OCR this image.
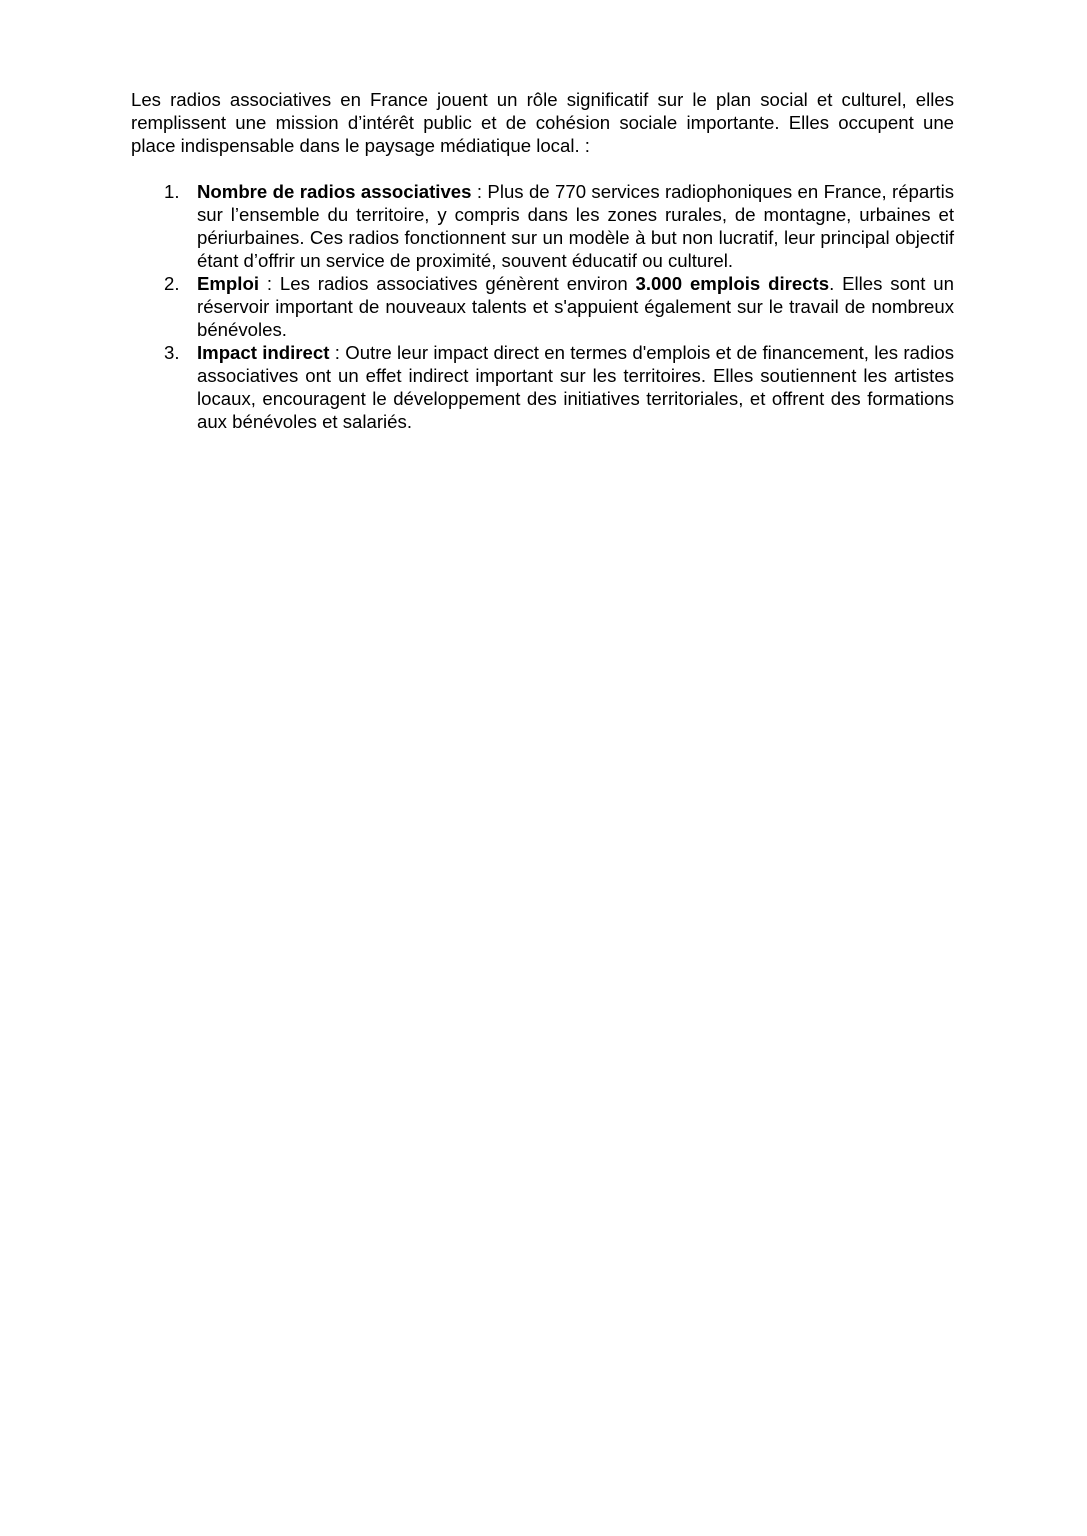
Les radios associatives en France jouent un rôle significatif sur le plan social et culturel, elles remplissent une mission d’intérêt public et de cohésion sociale importante. Elles occupent une place indispensable dans le paysage médiatique local. :

1. Nombre de radios associatives : Plus de 770 services radiophoniques en France, répartis sur l’ensemble du territoire, y compris dans les zones rurales, de montagne, urbaines et périurbaines. Ces radios fonctionnent sur un modèle à but non lucratif, leur principal objectif étant d’offrir un service de proximité, souvent éducatif ou culturel.
2. Emploi : Les radios associatives génèrent environ 3.000 emplois directs. Elles sont un réservoir important de nouveaux talents et s'appuient également sur le travail de nombreux bénévoles.
3. Impact indirect : Outre leur impact direct en termes d'emplois et de financement, les radios associatives ont un effet indirect important sur les territoires. Elles soutiennent les artistes locaux, encouragent le développement des initiatives territoriales, et offrent des formations aux bénévoles et salariés.
